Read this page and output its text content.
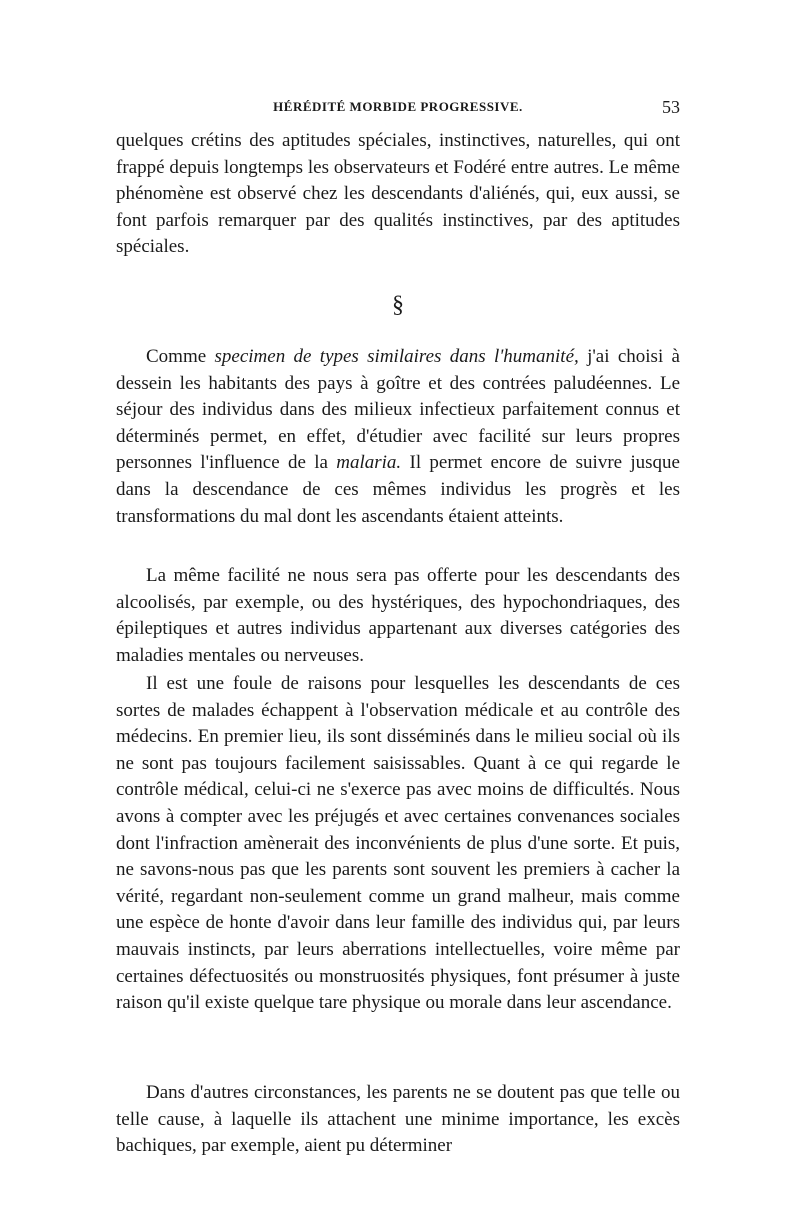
HÉRÉDITÉ MORBIDE PROGRESSIVE.	53

quelques crétins des aptitudes spéciales, instinctives, naturelles, qui ont frappé depuis longtemps les observateurs et Fodéré entre autres. Le même phénomène est observé chez les descendants d'aliénés, qui, eux aussi, se font parfois remarquer par des qualités instinctives, par des aptitudes spéciales.

§

Comme specimen de types similaires dans l'humanité, j'ai choisi à dessein les habitants des pays à goître et des contrées paludéennes. Le séjour des individus dans des milieux infectieux parfaitement connus et déterminés permet, en effet, d'étudier avec facilité sur leurs propres personnes l'influence de la malaria. Il permet encore de suivre jusque dans la descendance de ces mêmes individus les progrès et les transformations du mal dont les ascendants étaient atteints.

La même facilité ne nous sera pas offerte pour les descendants des alcoolisés, par exemple, ou des hystériques, des hypochondriaques, des épileptiques et autres individus appartenant aux diverses catégories des maladies mentales ou nerveuses.

Il est une foule de raisons pour lesquelles les descendants de ces sortes de malades échappent à l'observation médicale et au contrôle des médecins. En premier lieu, ils sont disséminés dans le milieu social où ils ne sont pas toujours facilement saisissables. Quant à ce qui regarde le contrôle médical, celui-ci ne s'exerce pas avec moins de difficultés. Nous avons à compter avec les préjugés et avec certaines convenances sociales dont l'infraction amènerait des inconvénients de plus d'une sorte. Et puis, ne savons-nous pas que les parents sont souvent les premiers à cacher la vérité, regardant non-seulement comme un grand malheur, mais comme une espèce de honte d'avoir dans leur famille des individus qui, par leurs mauvais instincts, par leurs aberrations intellectuelles, voire même par certaines défectuosités ou monstruosités physiques, font présumer à juste raison qu'il existe quelque tare physique ou morale dans leur ascendance.

Dans d'autres circonstances, les parents ne se doutent pas que telle ou telle cause, à laquelle ils attachent une minime importance, les excès bachiques, par exemple, aient pu déterminer
